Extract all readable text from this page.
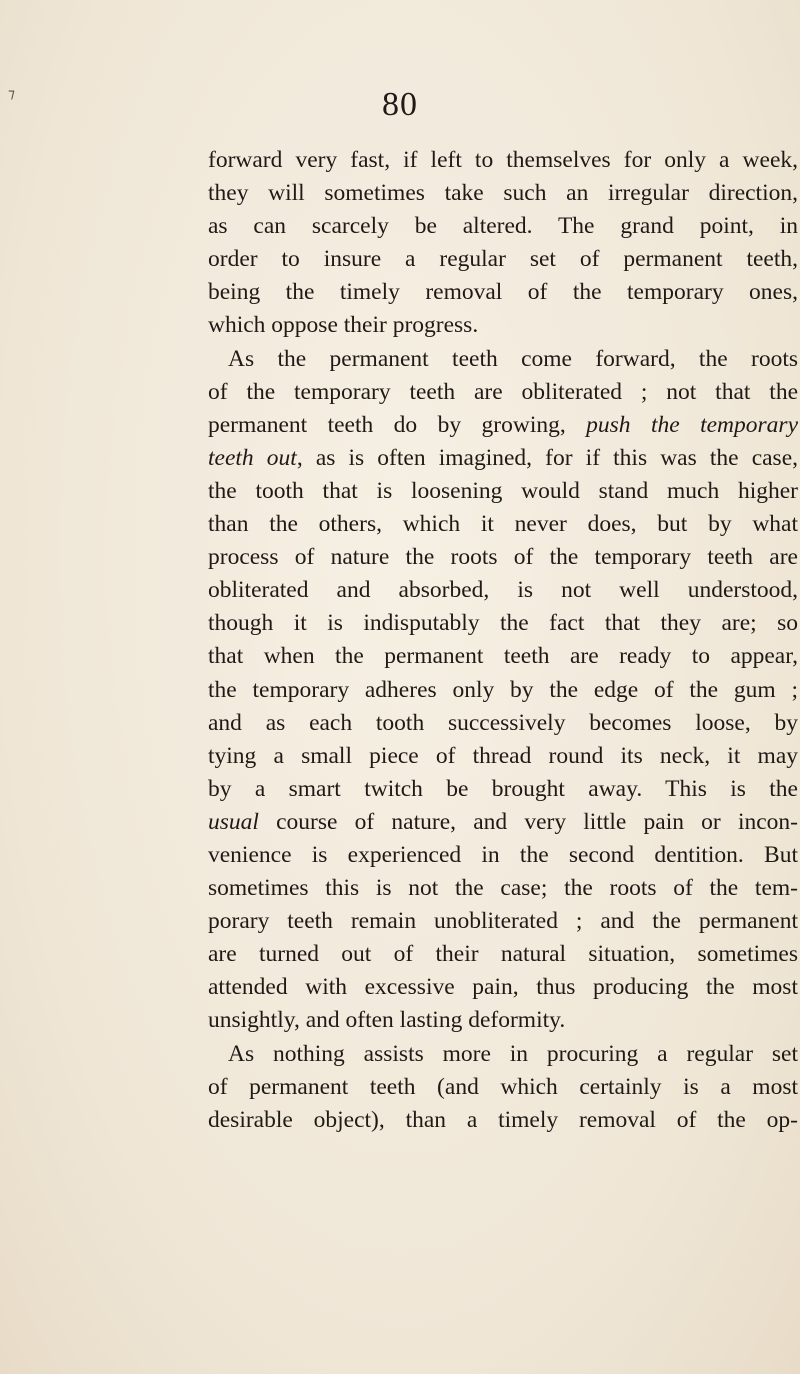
80
forward very fast, if left to themselves for only a week,
they will sometimes take such an irregular direction,
as can scarcely be altered. The grand point, in
order to insure a regular set of permanent teeth,
being the timely removal of the temporary ones,
which oppose their progress.
As the permanent teeth come forward, the roots
of the temporary teeth are obliterated ; not that the
permanent teeth do by growing, push the temporary
teeth out, as is often imagined, for if this was the case,
the tooth that is loosening would stand much higher
than the others, which it never does, but by what
process of nature the roots of the temporary teeth are
obliterated and absorbed, is not well understood,
though it is indisputably the fact that they are; so
that when the permanent teeth are ready to appear,
the temporary adheres only by the edge of the gum ;
and as each tooth successively becomes loose, by
tying a small piece of thread round its neck, it may
by a smart twitch be brought away. This is the
usual course of nature, and very little pain or incon-
venience is experienced in the second dentition. But
sometimes this is not the case; the roots of the tem-
porary teeth remain unobliterated ; and the permanent
are turned out of their natural situation, sometimes
attended with excessive pain, thus producing the most
unsightly, and often lasting deformity.
As nothing assists more in procuring a regular set
of permanent teeth (and which certainly is a most
desirable object), than a timely removal of the op-
⁊
